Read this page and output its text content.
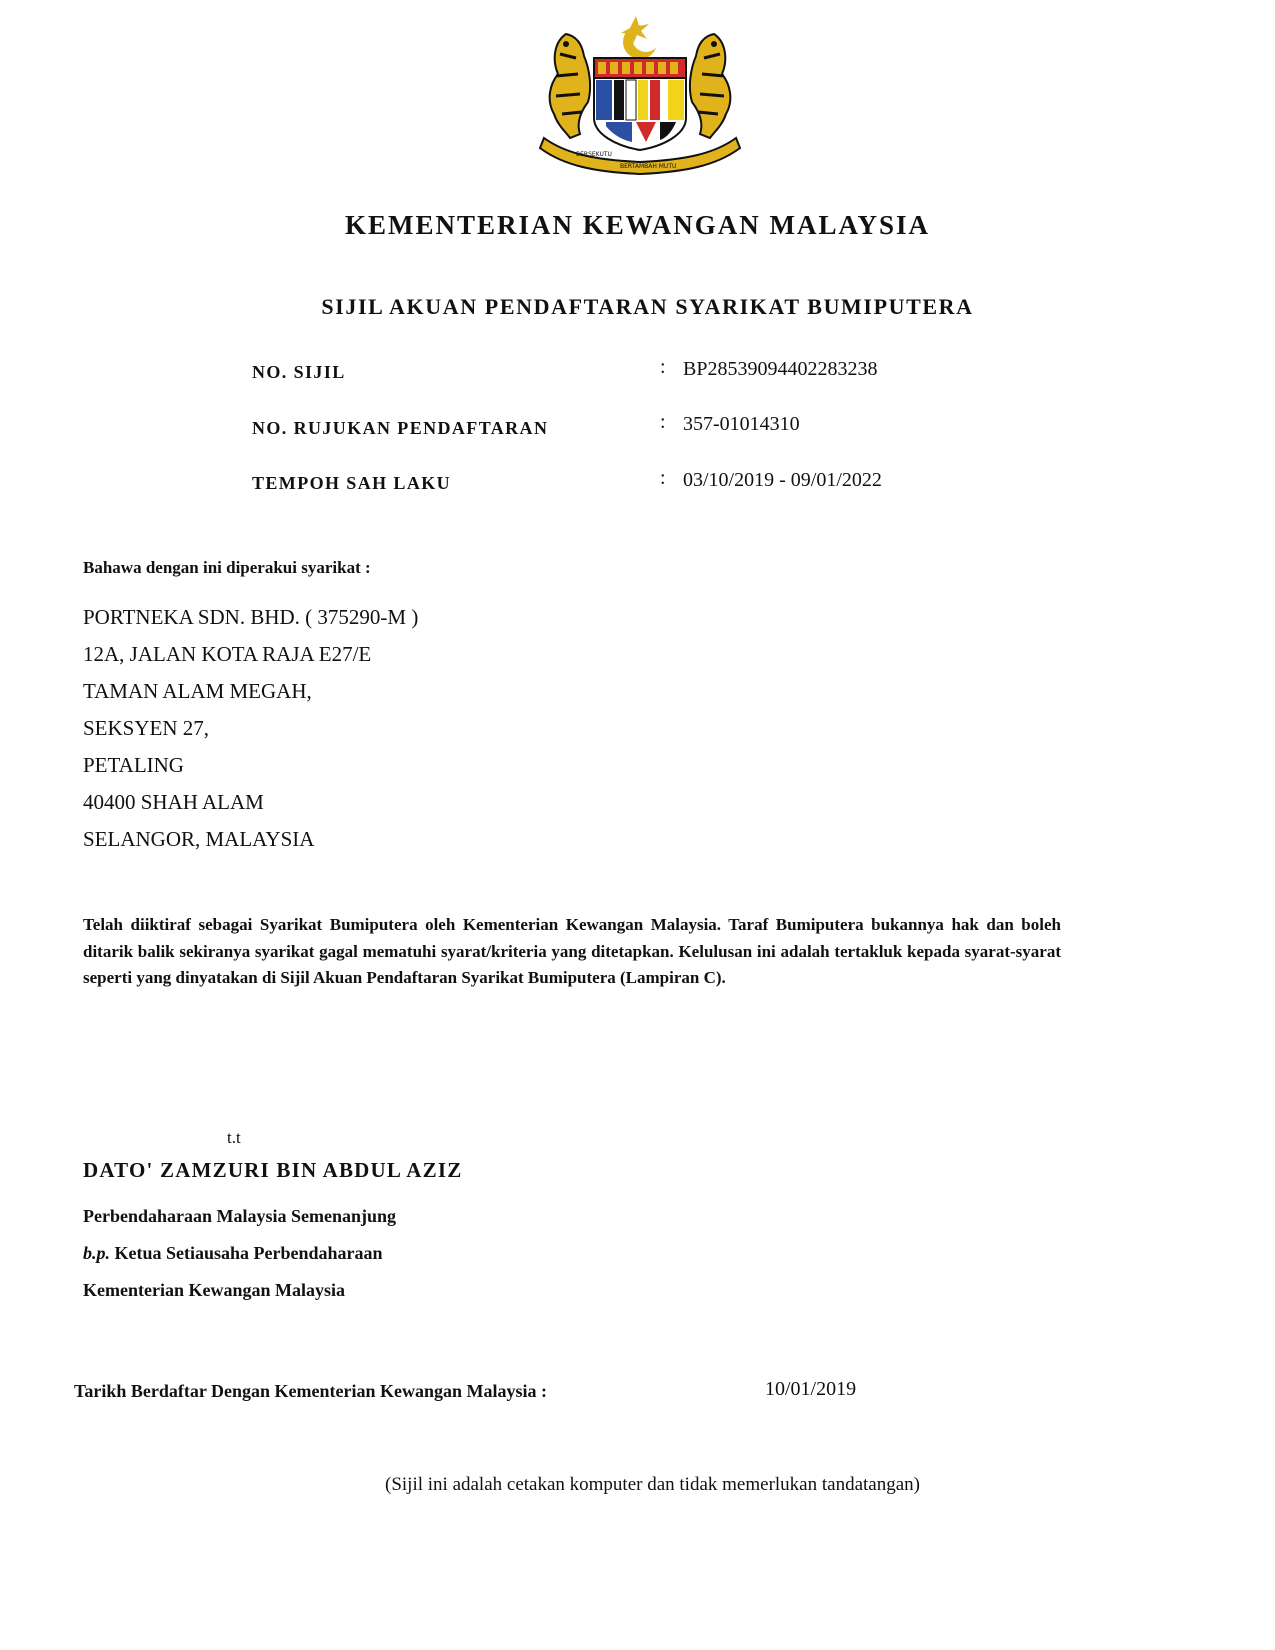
BERSEKUTU
BERTAMBAH MUTU
KEMENTERIAN KEWANGAN MALAYSIA
SIJIL AKUAN PENDAFTARAN SYARIKAT BUMIPUTERA
NO. SIJIL	: BP28539094402283238
NO. RUJUKAN PENDAFTARAN	: 357-01014310
TEMPOH SAH LAKU	: 03/10/2019 - 09/01/2022
Bahawa dengan ini diperakui syarikat :
PORTNEKA SDN. BHD. ( 375290-M )
12A, JALAN KOTA RAJA E27/E
TAMAN ALAM MEGAH,
SEKSYEN 27,
PETALING
40400 SHAH ALAM
SELANGOR, MALAYSIA
Telah diiktiraf sebagai Syarikat Bumiputera oleh Kementerian Kewangan Malaysia. Taraf Bumiputera bukannya hak dan boleh ditarik balik sekiranya syarikat gagal mematuhi syarat/kriteria yang ditetapkan. Kelulusan ini adalah tertakluk kepada syarat-syarat seperti yang dinyatakan di Sijil Akuan Pendaftaran Syarikat Bumiputera (Lampiran C).
t.t
DATO' ZAMZURI BIN ABDUL AZIZ
Perbendaharaan Malaysia Semenanjung
b.p. Ketua Setiausaha Perbendaharaan
Kementerian Kewangan Malaysia
Tarikh Berdaftar Dengan Kementerian Kewangan Malaysia :	10/01/2019
(Sijil ini adalah cetakan komputer dan tidak memerlukan tandatangan)
